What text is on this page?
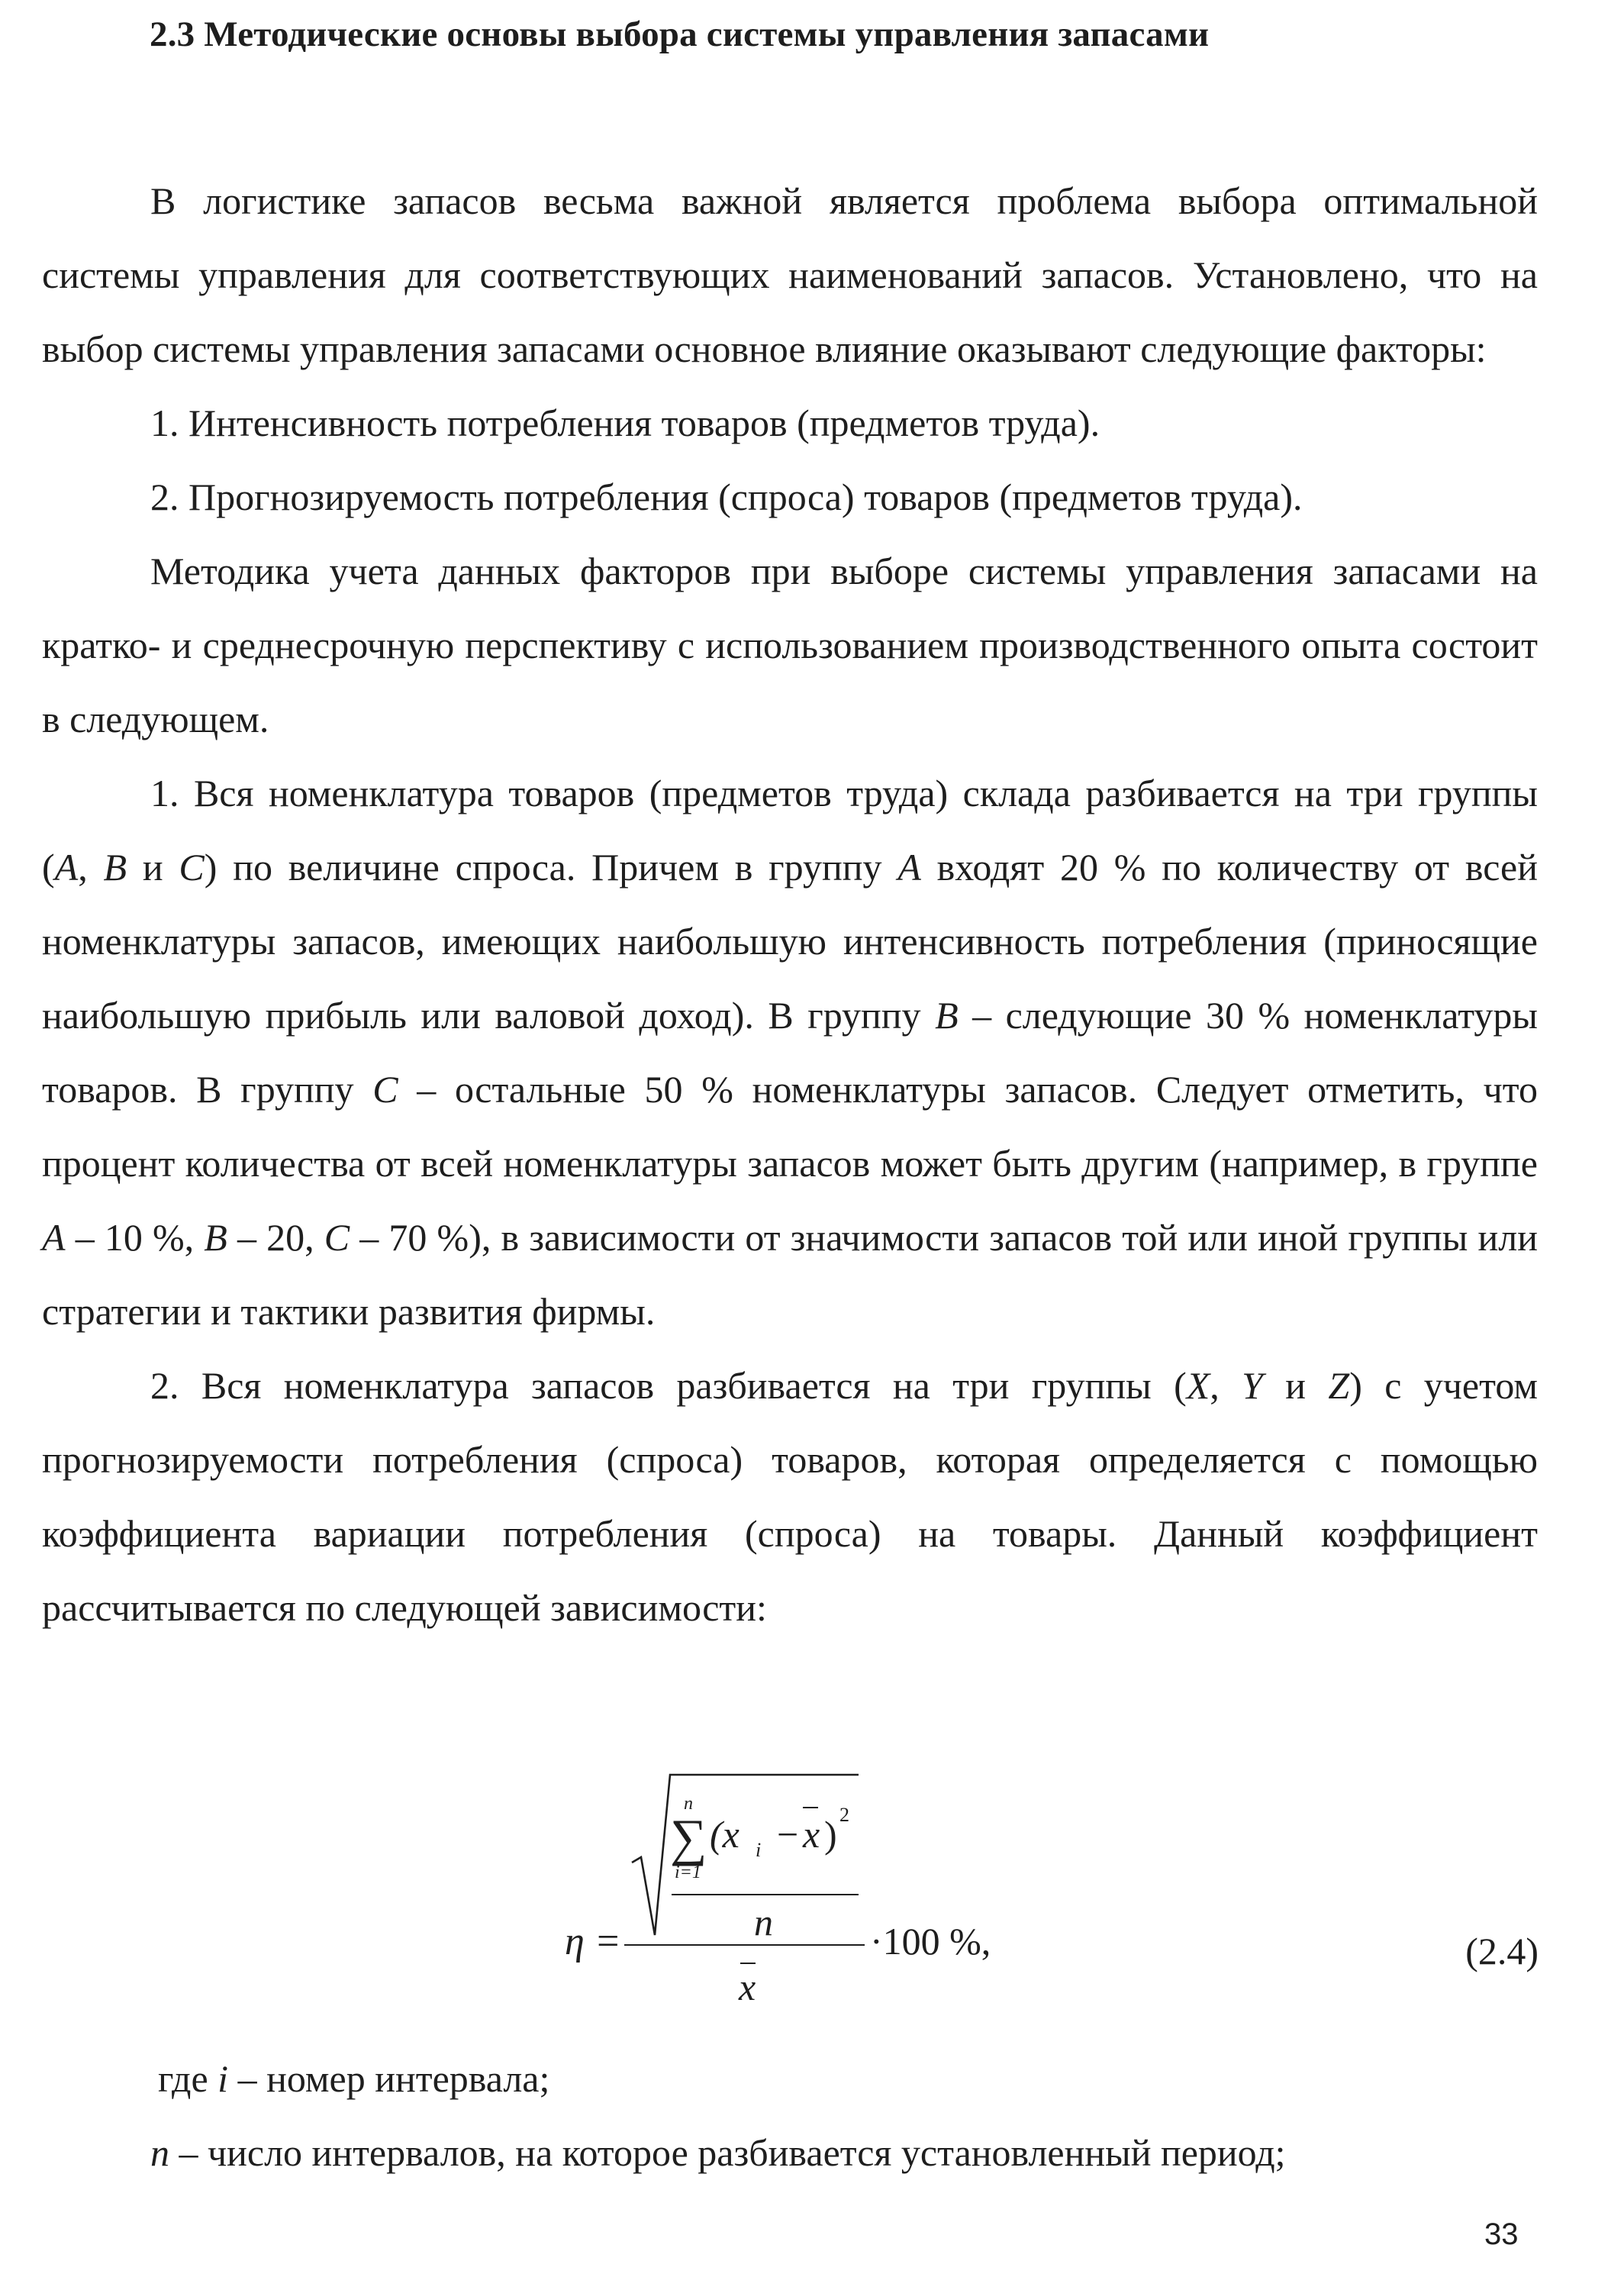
2.3 Методические основы выбора системы управления запасами

В логистике запасов весьма важной является проблема выбора оптимальной системы управления для соответствующих наименований запасов. Установлено, что на выбор системы управления запасами основное влияние оказывают следующие факторы:

1. Интенсивность потребления товаров (предметов труда).

2. Прогнозируемость потребления (спроса) товаров (предметов труда).

Методика учета данных факторов при выборе системы управления запасами на кратко- и среднесрочную перспективу с использованием производственного опыта состоит в следующем.

1. Вся номенклатура товаров (предметов труда) склада разбивается на три группы (A, B и C) по величине спроса. Причем в группу A входят 20 % по количеству от всей номенклатуры запасов, имеющих наибольшую интенсивность потребления (приносящие наибольшую прибыль или валовой доход). В группу B – следующие 30 % номенклатуры товаров. В группу C – остальные 50 % номенклатуры запасов. Следует отметить, что процент количества от всей номенклатуры запасов может быть другим (например, в группе A – 10 %, B – 20, C – 70 %), в зависимости от значимости запасов той или иной группы или стратегии и тактики развития фирмы.

2. Вся номенклатура запасов разбивается на три группы (X, Y и Z) с учетом прогнозируемости потребления (спроса) товаров, которая определяется с помощью коэффициента вариации потребления (спроса) на товары. Данный коэффициент рассчитывается по следующей зависимости:

η =
n
i=1
∑ (x i − x ) 2
n
x
·100 %,	(2.4)

где i – номер интервала;

n – число интервалов, на которое разбивается установленный период;

33
